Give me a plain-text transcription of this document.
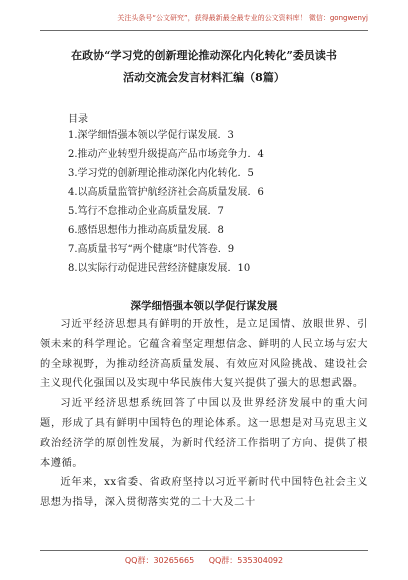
关注头条号“公文研究”，获得最新最全最专业的公文资料库！ 微信：gongwenyj
在政协“学习党的创新理论推动深化内化转化”委员读书
活动交流会发言材料汇编（8篇）
目录
1.深学细悟强本领以学促行谋发展．3
2.推动产业转型升级提高产品市场竞争力．4
3.学习党的创新理论推动深化内化转化．5
4.以高质量监管护航经济社会高质量发展．6
5.笃行不怠推动企业高质量发展．7
6.感悟思想伟力推动高质量发展．8
7.高质量书写“两个健康”时代答卷．9
8.以实际行动促进民营经济健康发展．10
深学细悟强本领以学促行谋发展

习近平经济思想具有鲜明的开放性，是立足国情、放眼世界、引领未来的科学理论。它蕴含着坚定理想信念、鲜明的人民立场与宏大的全球视野，为推动经济高质量发展、有效应对风险挑战、建设社会主义现代化强国以及实现中华民族伟大复兴提供了强大的思想武器。

习近平经济思想系统回答了中国以及世界经济发展中的重大问题，形成了具有鲜明中国特色的理论体系。这一思想是对马克思主义政治经济学的原创性发展，为新时代经济工作指明了方向、提供了根本遵循。

近年来，xx省委、省政府坚持以习近平新时代中国特色社会主义思想为指导，深入贯彻落实党的二十大及二十

QQ群：30265665 QQ群：535304092
